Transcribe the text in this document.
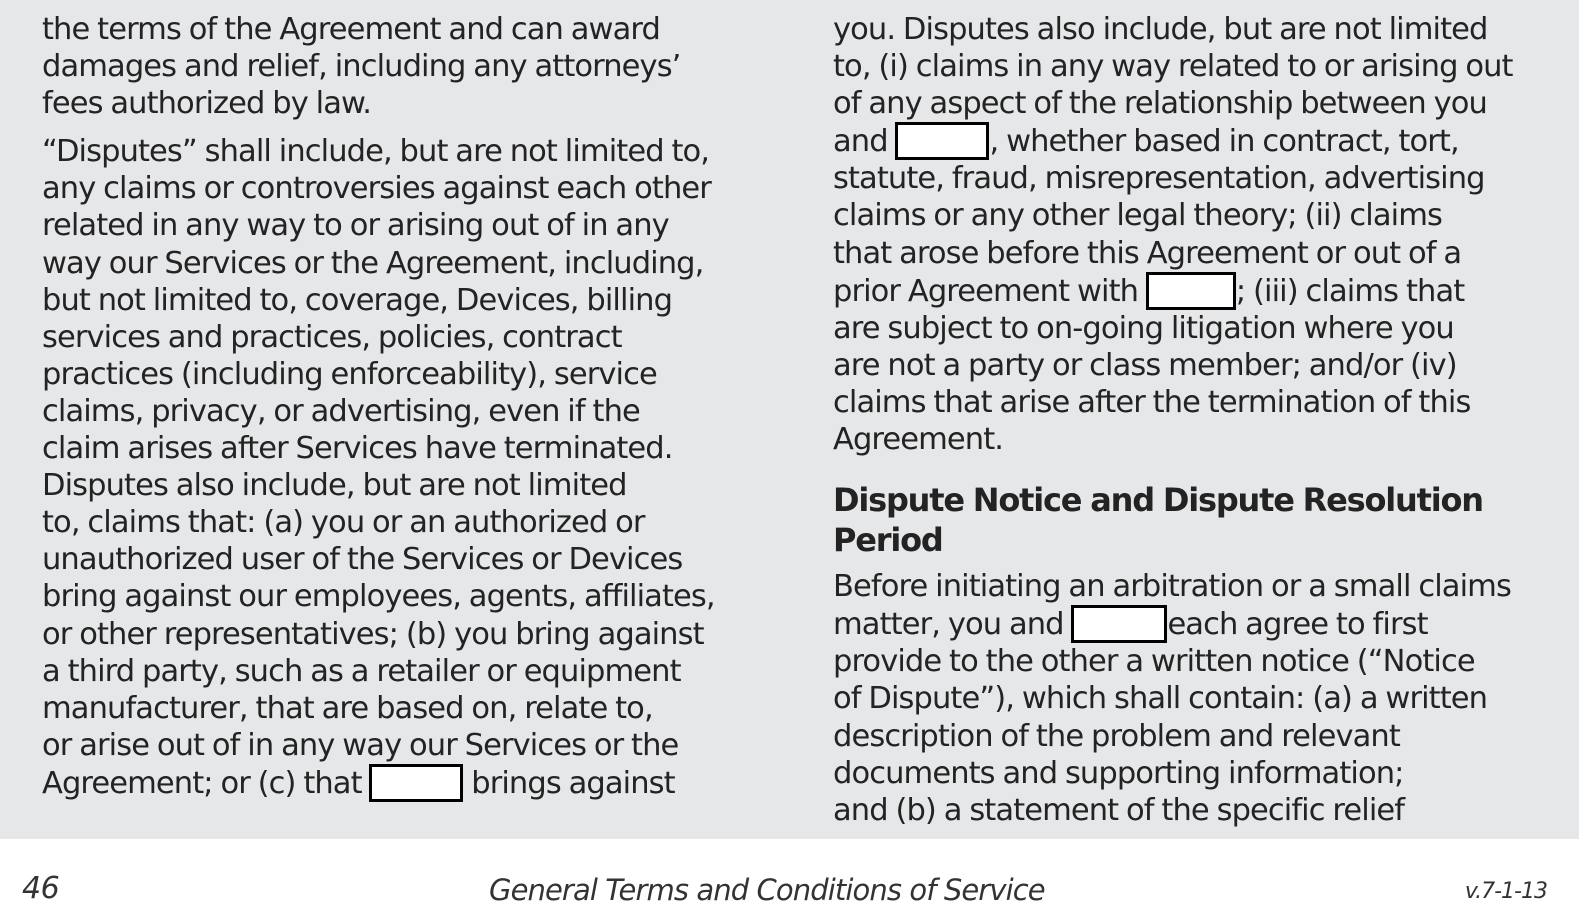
the terms of the Agreement and can award
damages and relief, including any attorneys’
fees authorized by law.
“Disputes” shall include, but are not limited to,
any claims or controversies against each other
related in any way to or arising out of in any
way our Services or the Agreement, including,
but not limited to, coverage, Devices, billing
services and practices, policies, contract
practices (including enforceability), service
claims, privacy, or advertising, even if the
claim arises after Services have terminated.
Disputes also include, but are not limited
to, claims that: (a) you or an authorized or
unauthorized user of the Services or Devices
bring against our employees, agents, affiliates,
or other representatives; (b) you bring against
a third party, such as a retailer or equipment
manufacturer, that are based on, relate to,
or arise out of in any way our Services or the
Agreement; or (c) that	brings against
you. Disputes also include, but are not limited
to, (i) claims in any way related to or arising out
of any aspect of the relationship between you
and	, whether based in contract, tort,
statute, fraud, misrepresentation, advertising
claims or any other legal theory; (ii) claims
that arose before this Agreement or out of a
prior Agreement with	; (iii) claims that
are subject to on-going litigation where you
are not a party or class member; and/or (iv)
claims that arise after the termination of this
Agreement.
Dispute Notice and Dispute Resolution
Period
Before initiating an arbitration or a small claims
matter, you and	each agree to first
provide to the other a written notice (“Notice
of Dispute”), which shall contain: (a) a written
description of the problem and relevant
documents and supporting information;
and (b) a statement of the specific relief
46	General Terms and Conditions of Service	v.7-1-13
